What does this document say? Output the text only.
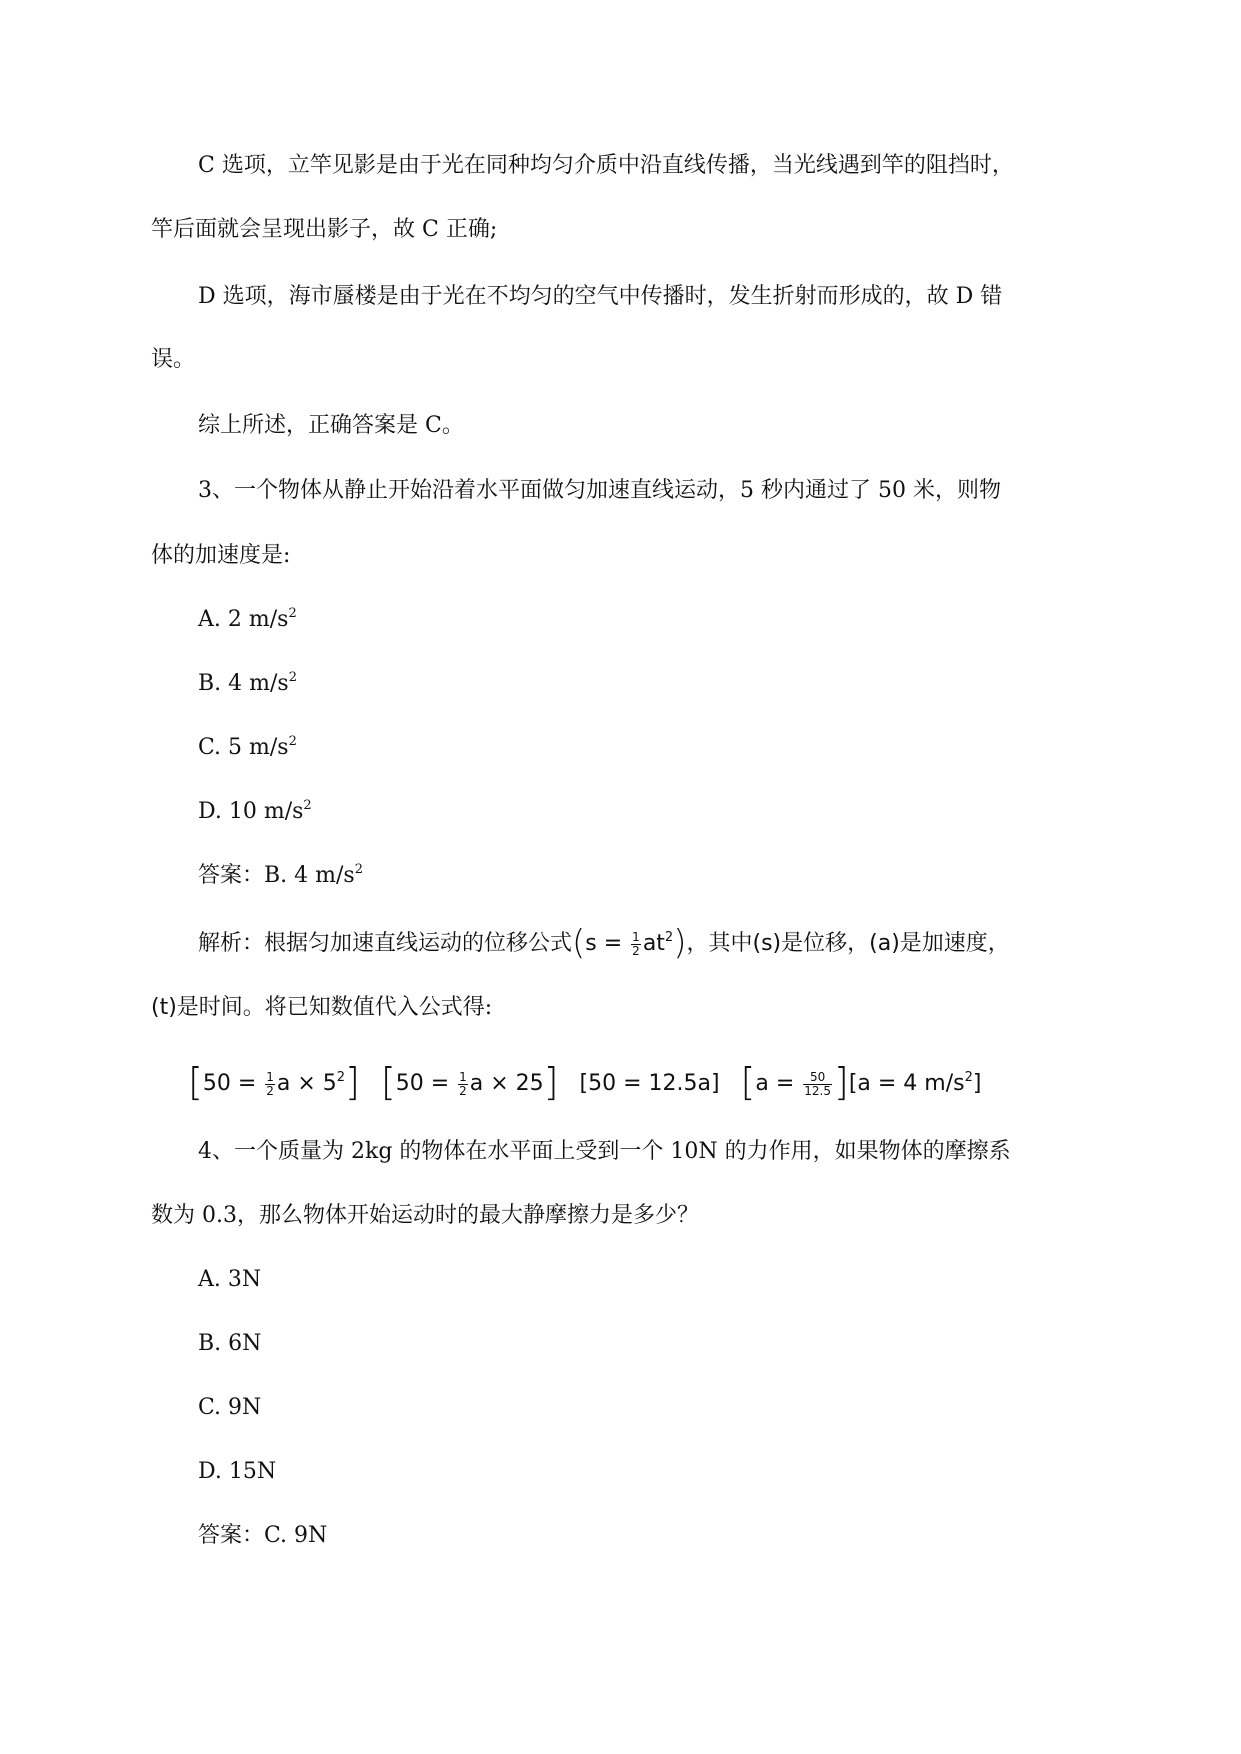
C 选项，立竿见影是由于光在同种均匀介质中沿直线传播，当光线遇到竿的阻挡时，
竿后面就会呈现出影子，故 C 正确;
D 选项，海市蜃楼是由于光在不均匀的空气中传播时，发生折射而形成的，故 D 错
误。
综上所述，正确答案是 C。
3、一个物体从静止开始沿着水平面做匀加速直线运动，5 秒内通过了 50 米，则物
体的加速度是:
A. 2 $m/s^2$
B. 4 $m/s^2$
C. 5 $m/s^2$
D. 10 $m/s^2$
答案：B. 4 $m/s^2$
解析：根据匀加速直线运动的位移公式$(s = \frac{1}{2} at^2)$，其中(s)是位移，(a)是加速度，
(t)是时间。将已知数值代入公式得:
[$50 = \frac{1}{2}$ $a \times 5^2$] [$50 = \frac{1}{2}$ a × 25] [50 = 12.5a] $[a = \frac{50}{12.5} ][a = 4$ $m/s^2$]
4、一个质量为 2kg 的物体在水平面上受到一个 10N 的力作用，如果物体的摩擦系
数为 0.3，那么物体开始运动时的最大静摩擦力是多少？
A. 3N
B. 6N
C. 9N
D. 15N
答案：C. 9N
